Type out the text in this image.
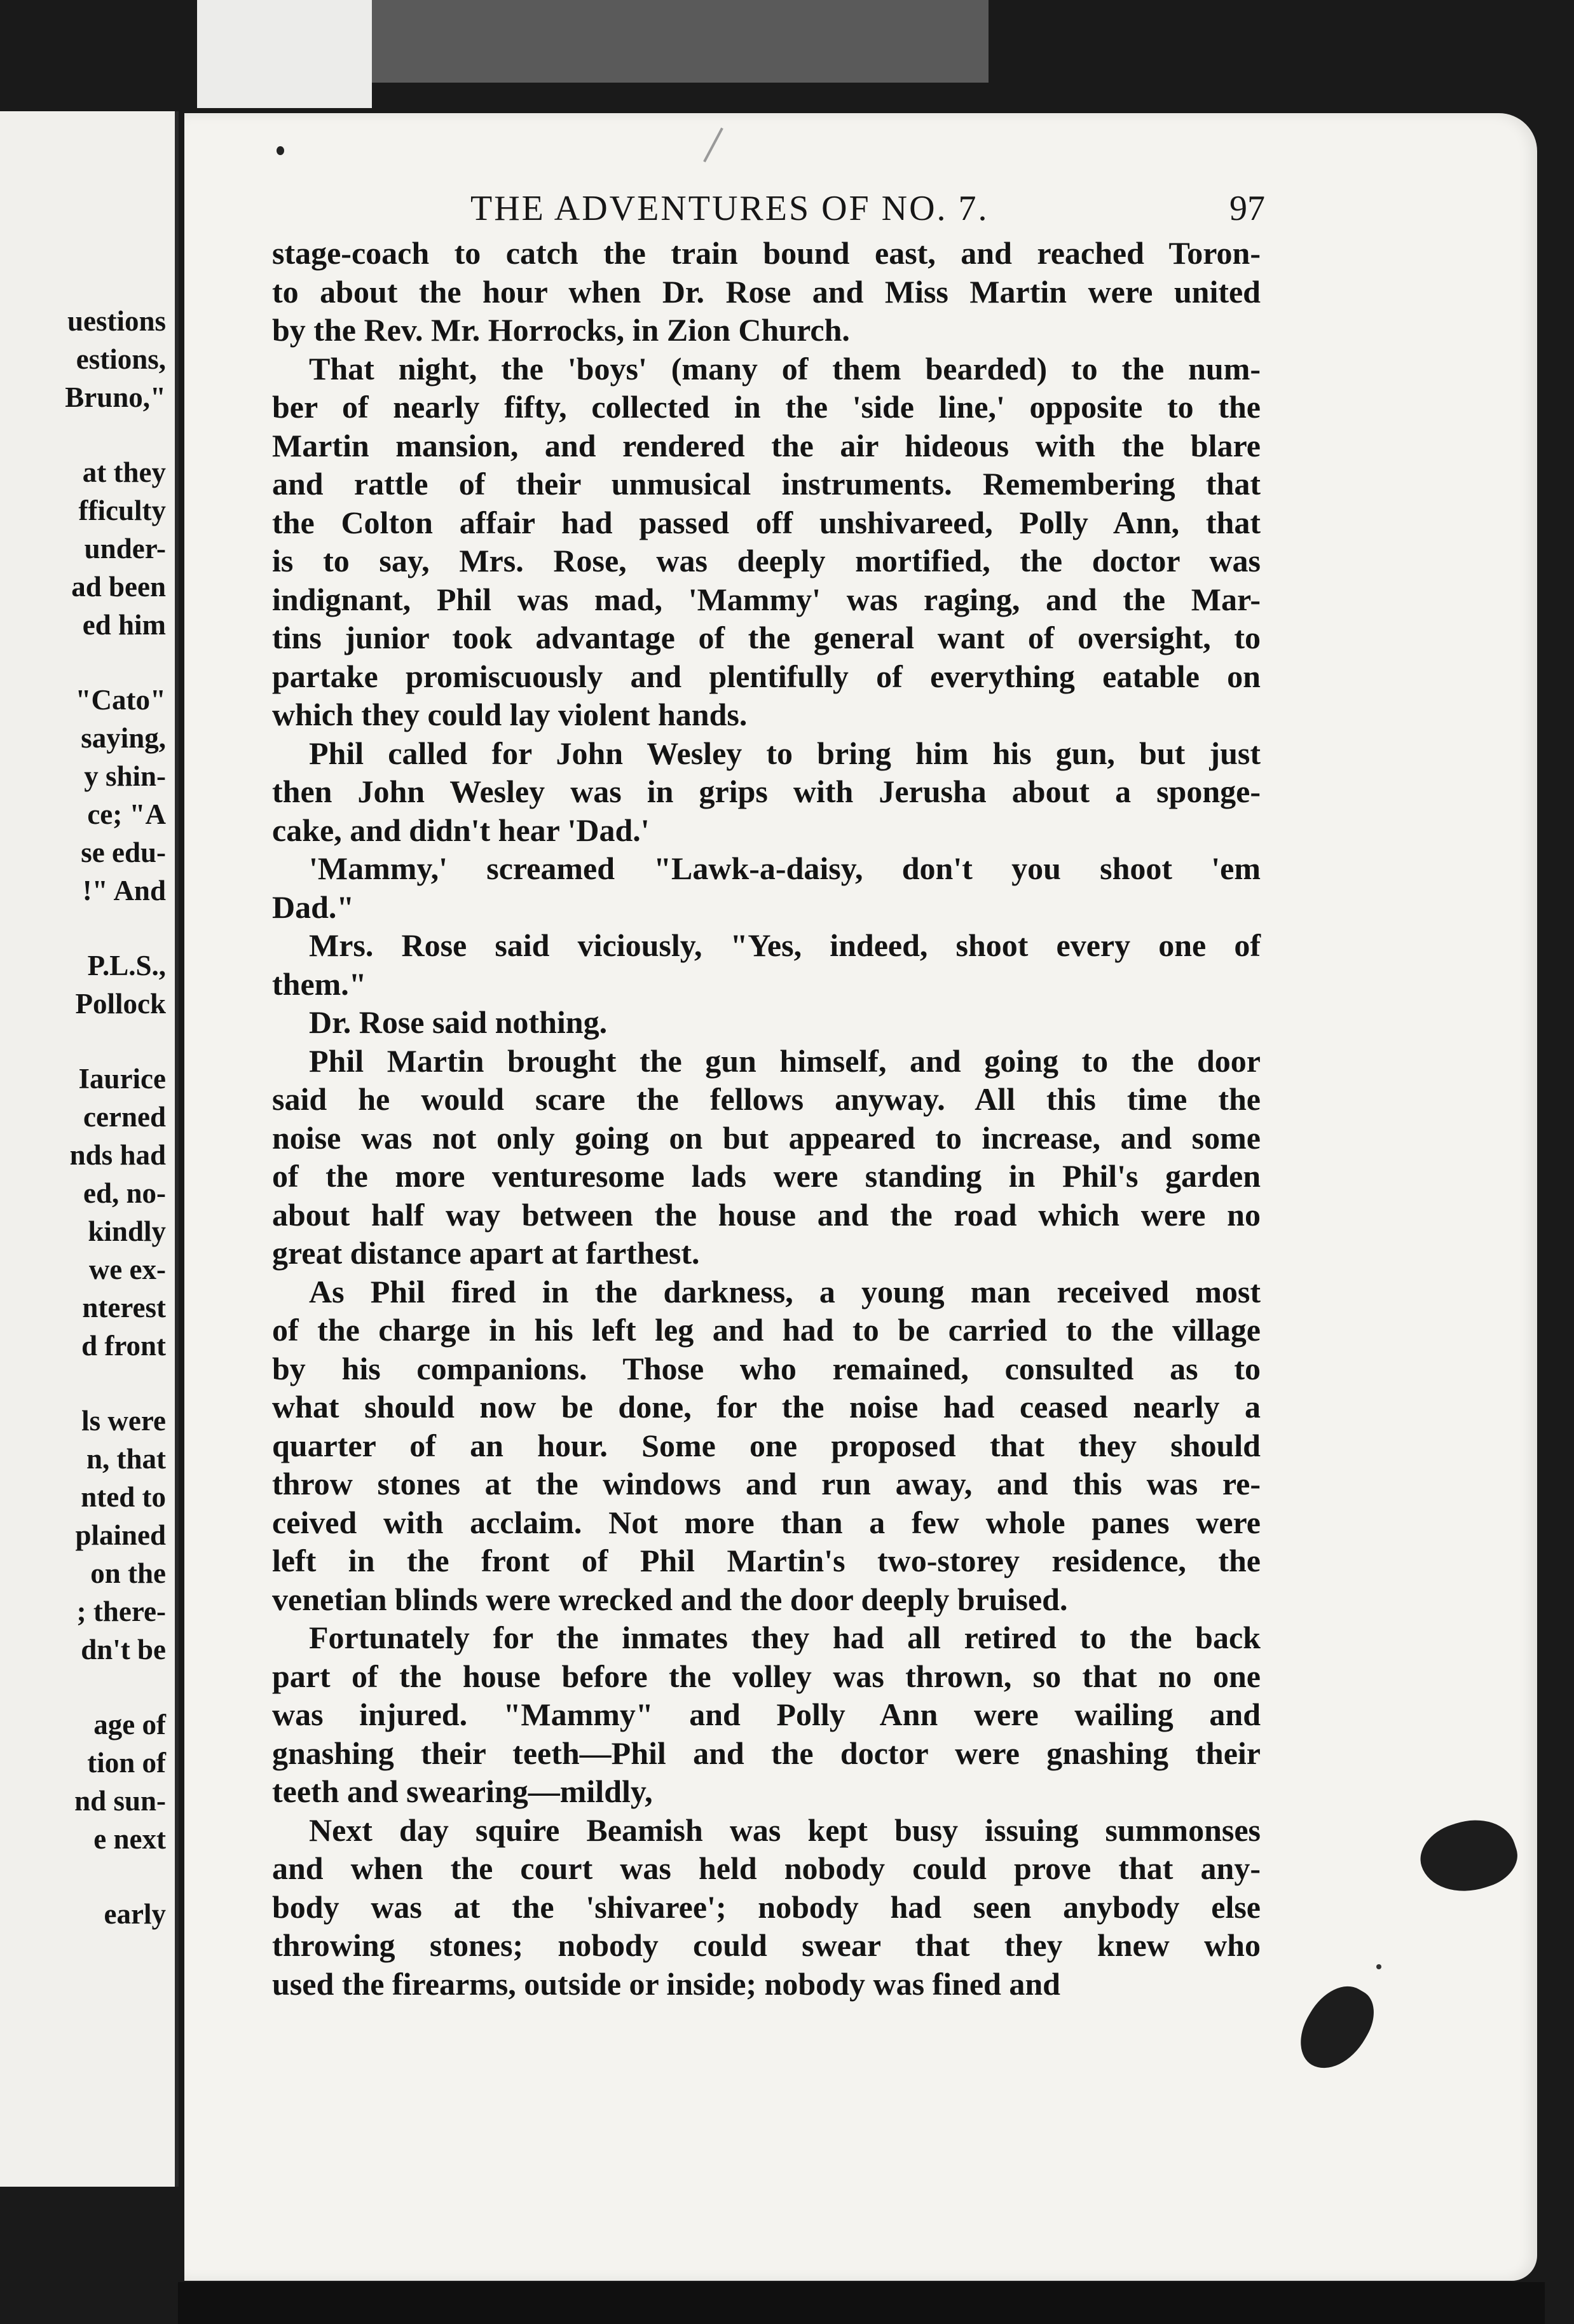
uestions
estions,
Bruno,"
at they
fficulty
under-
ad been
ed him
"Cato"
saying,
y shin-
ce; "A
se edu-
!" And
P.L.S.,
Pollock
Iaurice
cerned
nds had
ed, no-
kindly
we ex-
nterest
d front
ls were
n, that
nted to
plained
on the
; there-
dn't be
age of
tion of
nd sun-
e next
early
THE ADVENTURES OF NO. 7.	97
stage-coach to catch the train bound east, and reached Toron-
to about the hour when Dr. Rose and Miss Martin were united
by the Rev. Mr. Horrocks, in Zion Church.
That night, the 'boys' (many of them bearded) to the num-
ber of nearly fifty, collected in the 'side line,' opposite to the
Martin mansion, and rendered the air hideous with the blare
and rattle of their unmusical instruments. Remembering that
the Colton affair had passed off unshivareed, Polly Ann, that
is to say, Mrs. Rose, was deeply mortified, the doctor was
indignant, Phil was mad, 'Mammy' was raging, and the Mar-
tins junior took advantage of the general want of oversight, to
partake promiscuously and plentifully of everything eatable on
which they could lay violent hands.
Phil called for John Wesley to bring him his gun, but just
then John Wesley was in grips with Jerusha about a sponge-
cake, and didn't hear 'Dad.'
'Mammy,' screamed "Lawk-a-daisy, don't you shoot 'em
Dad."
Mrs. Rose said viciously, "Yes, indeed, shoot every one of
them."
Dr. Rose said nothing.
Phil Martin brought the gun himself, and going to the door
said he would scare the fellows anyway. All this time the
noise was not only going on but appeared to increase, and some
of the more venturesome lads were standing in Phil's garden
about half way between the house and the road which were no
great distance apart at farthest.
As Phil fired in the darkness, a young man received most
of the charge in his left leg and had to be carried to the village
by his companions. Those who remained, consulted as to
what should now be done, for the noise had ceased nearly a
quarter of an hour. Some one proposed that they should
throw stones at the windows and run away, and this was re-
ceived with acclaim. Not more than a few whole panes were
left in the front of Phil Martin's two-storey residence, the
venetian blinds were wrecked and the door deeply bruised.
Fortunately for the inmates they had all retired to the back
part of the house before the volley was thrown, so that no one
was injured. "Mammy" and Polly Ann were wailing and
gnashing their teeth—Phil and the doctor were gnashing their
teeth and swearing—mildly,
Next day squire Beamish was kept busy issuing summonses
and when the court was held nobody could prove that any-
body was at the 'shivaree'; nobody had seen anybody else
throwing stones; nobody could swear that they knew who
used the firearms, outside or inside; nobody was fined and
